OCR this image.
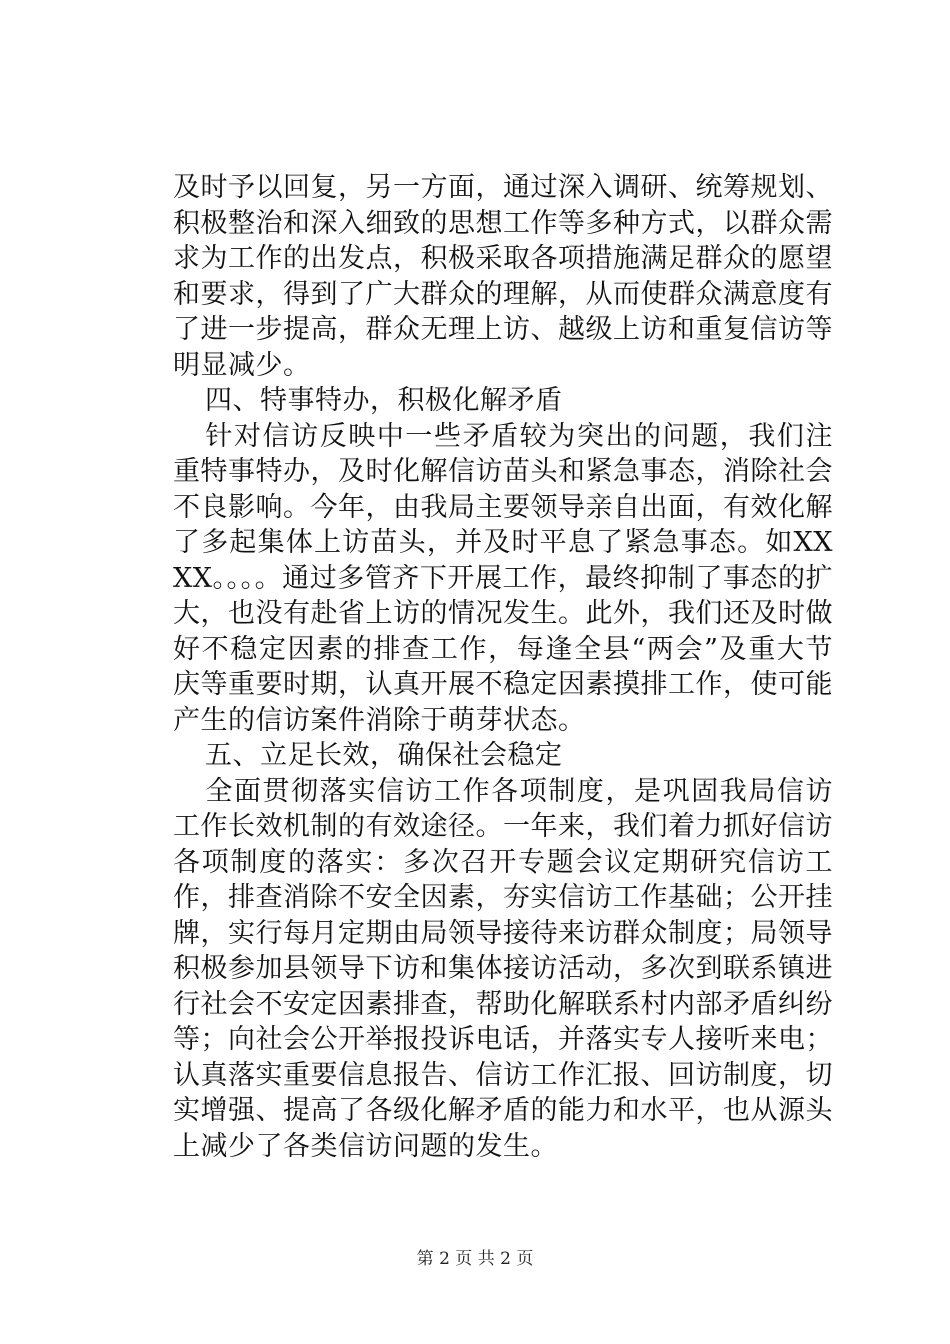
及时予以回复，另一方面，通过深入调研、统筹规划、积极整治和深入细致的思想工作等多种方式，以群众需求为工作的出发点，积极采取各项措施满足群众的愿望和要求，得到了广大群众的理解，从而使群众满意度有了进一步提高，群众无理上访、越级上访和重复信访等明显减少。

四、特事特办，积极化解矛盾

针对信访反映中一些矛盾较为突出的问题，我们注重特事特办，及时化解信访苗头和紧急事态，消除社会不良影响。今年，由我局主要领导亲自出面，有效化解了多起集体上访苗头，并及时平息了紧急事态。如XXXX。。。。通过多管齐下开展工作，最终抑制了事态的扩大，也没有赴省上访的情况发生。此外，我们还及时做好不稳定因素的排查工作，每逢全县“两会”及重大节庆等重要时期，认真开展不稳定因素摸排工作，使可能产生的信访案件消除于萌芽状态。

五、立足长效，确保社会稳定

全面贯彻落实信访工作各项制度，是巩固我局信访工作长效机制的有效途径。一年来，我们着力抓好信访各项制度的落实：多次召开专题会议定期研究信访工作，排查消除不安全因素，夯实信访工作基础；公开挂牌，实行每月定期由局领导接待来访群众制度；局领导积极参加县领导下访和集体接访活动，多次到联系镇进行社会不安定因素排查，帮助化解联系村内部矛盾纠纷等；向社会公开举报投诉电话，并落实专人接听来电；认真落实重要信息报告、信访工作汇报、回访制度，切实增强、提高了各级化解矛盾的能力和水平，也从源头上减少了各类信访问题的发生。

第 2 页 共 2 页
